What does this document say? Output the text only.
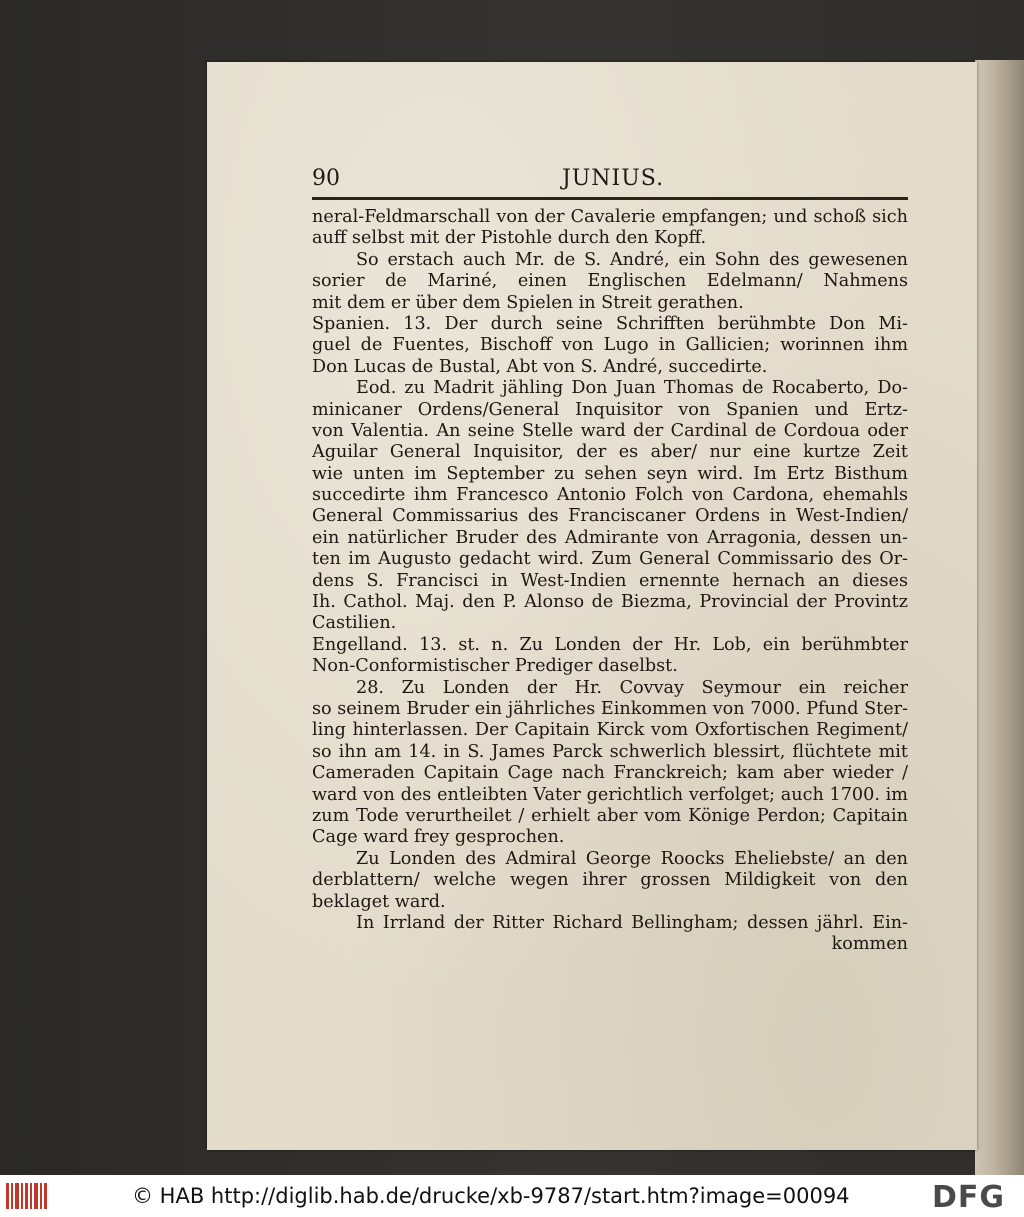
90	JUNIUS.
neral-Feldmarschall von der Cavalerie empfangen; und schoß sich
auff selbst mit der Pistohle durch den Kopff.
So erstach auch Mr. de S. André, ein Sohn des gewesenen
sorier de Mariné, einen Englischen Edelmann/ Nahmens
mit dem er über dem Spielen in Streit gerathen.
Spanien. 13. Der durch seine Schrifften berühmbte Don Mi-
guel de Fuentes, Bischoff von Lugo in Gallicien; worinnen ihm
Don Lucas de Bustal, Abt von S. André, succedirte.
Eod. zu Madrit jähling Don Juan Thomas de Rocaberto, Do-
minicaner Ordens/General Inquisitor von Spanien und Ertz-
von Valentia. An seine Stelle ward der Cardinal de Cordoua oder
Aguilar General Inquisitor, der es aber/ nur eine kurtze Zeit
wie unten im September zu sehen seyn wird. Im Ertz Bisthum
succedirte ihm Francesco Antonio Folch von Cardona, ehemahls
General Commissarius des Franciscaner Ordens in West-Indien/
ein natürlicher Bruder des Admirante von Arragonia, dessen un-
ten im Augusto gedacht wird. Zum General Commissario des Or-
dens S. Francisci in West-Indien ernennte hernach an dieses
Ih. Cathol. Maj. den P. Alonso de Biezma, Provincial der Provintz
Castilien.
Engelland. 13. st. n. Zu Londen der Hr. Lob, ein berühmbter
Non-Conformistischer Prediger daselbst.
28. Zu Londen der Hr. Covvay Seymour ein reicher
so seinem Bruder ein jährliches Einkommen von 7000. Pfund Ster-
ling hinterlassen. Der Capitain Kirck vom Oxfortischen Regiment/
so ihn am 14. in S. James Parck schwerlich blessirt, flüchtete mit
Cameraden Capitain Cage nach Franckreich; kam aber wieder /
ward von des entleibten Vater gerichtlich verfolget; auch 1700. im
zum Tode verurtheilet / erhielt aber vom Könige Perdon; Capitain
Cage ward frey gesprochen.
Zu Londen des Admiral George Roocks Eheliebste/ an den
derblattern/ welche wegen ihrer grossen Mildigkeit von den
beklaget ward.
In Irrland der Ritter Richard Bellingham; dessen jährl. Ein-
kommen
© HAB http://diglib.hab.de/drucke/xb-9787/start.htm?image=00094	DFG
